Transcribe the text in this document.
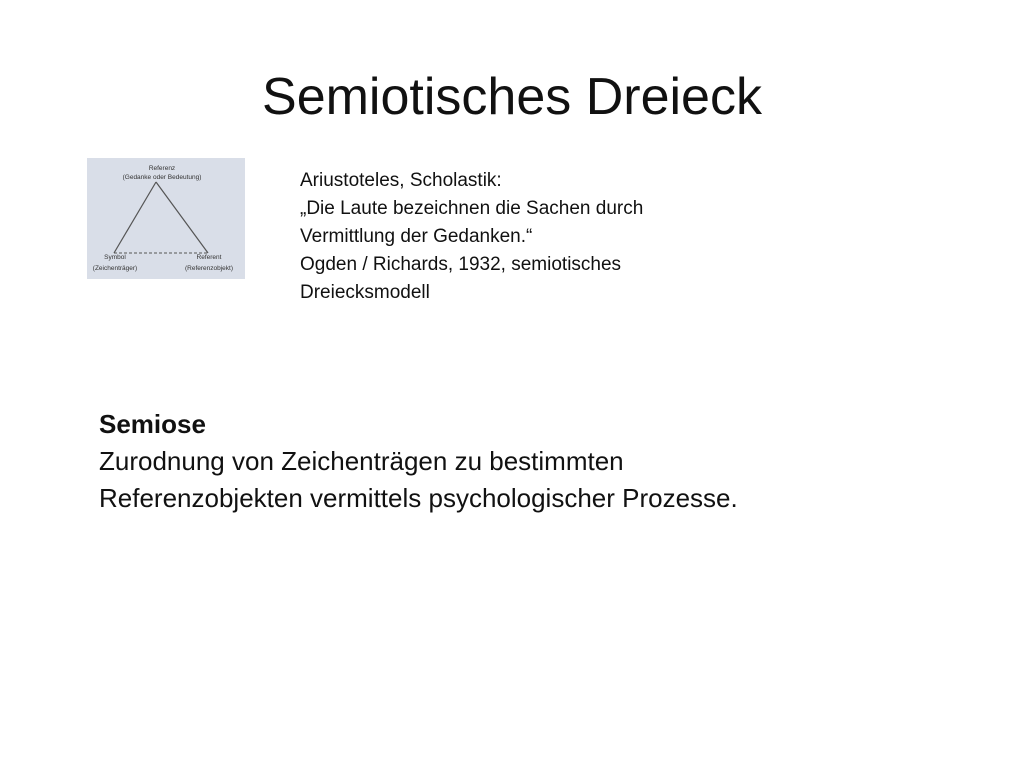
Semiotisches Dreieck
Referenz
(Gedanke oder Bedeutung)
Symbol
(Zeichenträger)
Referent
(Referenzobjekt)
Ariustoteles, Scholastik:
„Die Laute bezeichnen die Sachen durch
Vermittlung der Gedanken.“
Ogden / Richards, 1932, semiotisches
Dreiecksmodell
Semiose
Zurodnung von Zeichenträgen zu bestimmten
Referenzobjekten vermittels psychologischer Prozesse.
